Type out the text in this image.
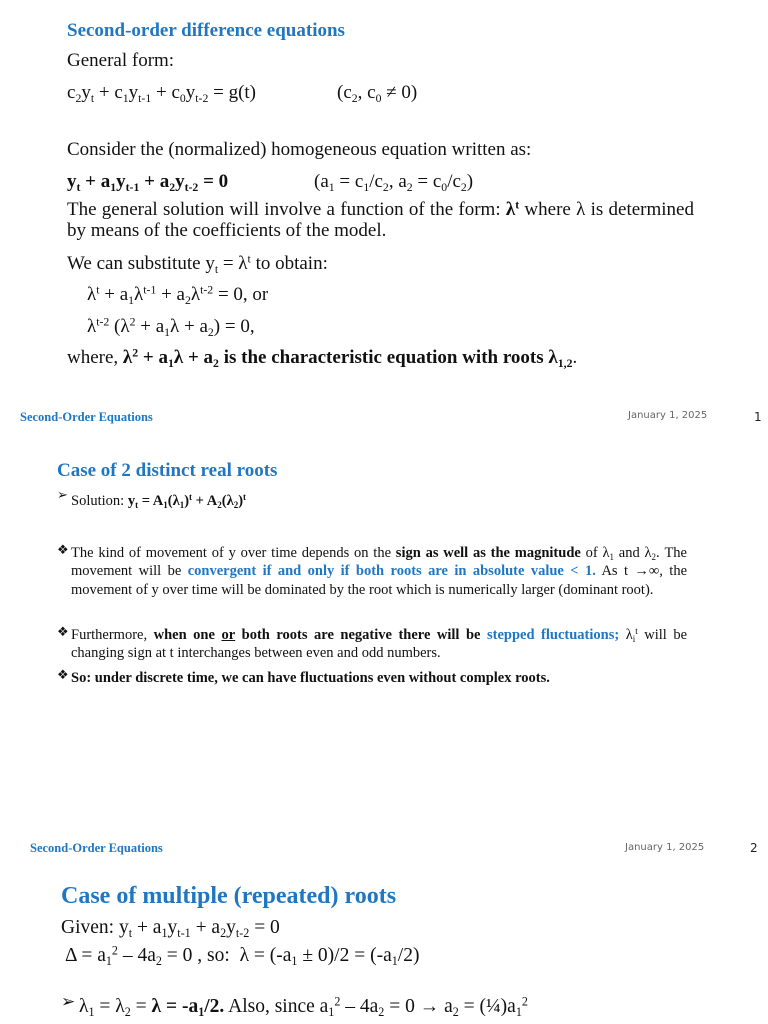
Second-order difference equations
General form:
$c_2y_t + c_1y_{t-1} + c_0y_{t-2} = g(t)$	($c_2$, $c_0 \ne 0$)
Consider the (normalized) homogeneous equation written as:
$y_t + a_1y_{t-1} + a_2y_{t-2} = 0$	($a_1 = c_1/c_2$, $a_2 = c_0/c_2$)
The general solution will involve a function of the form: $\lambda^t$ where λ is determined by means of the coefficients of the model.
We can substitute $y_t = \lambda^t$ to obtain:
$\lambda^t + a_1\lambda^{t-1} + a_2\lambda^{t-2} = 0$, or
$\lambda^{t-2}$ $(\lambda^2 + a_1\lambda + a_2) = 0$,
where, $\lambda^2 + a_1\lambda + a_2$ is the characteristic equation with roots $\lambda_{1,2}$.
Second-Order Equations	January 1, 2025	1
Case of 2 distinct real roots
➢ Solution: $y_t = A_1(\lambda_1)^t + A_2(\lambda_2)^t$
❖ The kind of movement of y over time depends on the sign as well as the magnitude of $\lambda_1$ and $\lambda_2$. The movement will be convergent if and only if both roots are in absolute value < 1. As t →∞, the movement of y over time will be dominated by the root which is numerically larger (dominant root).
❖ Furthermore, when one or both roots are negative there will be stepped fluctuations; $\lambda_i^t$ will be changing sign at t interchanges between even and odd numbers.
❖ So: under discrete time, we can have fluctuations even without complex roots.
Second-Order Equations	January 1, 2025	2
Case of multiple (repeated) roots
Given: $y_t + a_1y_{t-1} + a_2y_{t-2} = 0$
$\Delta = a_1^2 - 4a_2 = 0$ , so:  $\lambda = (-a_1 \pm 0)/2 = (-a_1/2)$
➢ $\lambda_1 = \lambda_2 = \lambda = -a_1/2$. Also, since $a_1^2 - 4a_2 = 0 \to a_2$ = $(\frac{1}{4})a_1^2$
